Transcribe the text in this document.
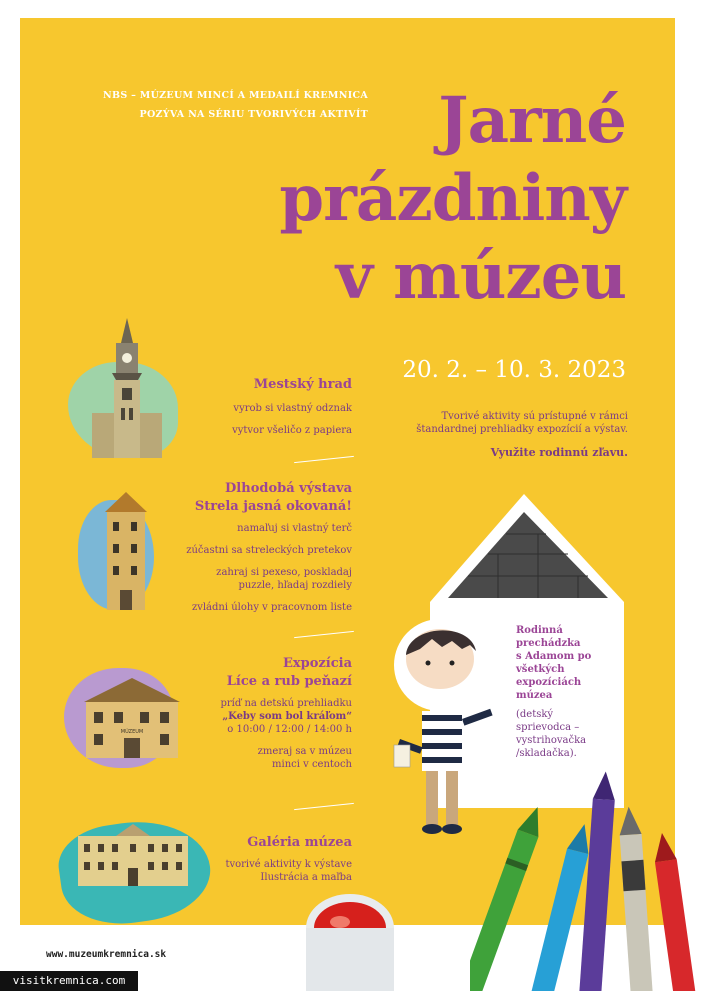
NBS – MÚZEUM MINCÍ A MEDAILÍ KREMNICA
POZÝVA NA SÉRIU TVORIVÝCH AKTIVÍT	Jarné
prázdniny
v múzeu
20. 2. – 10. 3. 2023
Tvorivé aktivity sú prístupné v rámci
štandardnej prehliadky expozícií a výstav.
Využite rodinnú zľavu.
Mestský hrad
vyrob si vlastný odznak
vytvor všeličo z papiera
Dlhodobá výstava
Strela jasná okovaná!
namaľuj si vlastný terč
zúčastni sa streleckých pretekov
zahraj si pexeso, poskladaj
puzzle, hľadaj rozdiely
zvládni úlohy v pracovnom liste
MÚZEUM
Expozícia
Líce a rub peňazí
príď na detskú prehliadku
„Keby som bol kráľom“
o 10:00 / 12:00 / 14:00 h
zmeraj sa v múzeu
minci v centoch
Galéria múzea
tvorivé aktivity k výstave
Ilustrácia a maľba
Rodinná
prechádzka
s Adamom po
všetkých
expozíciách
múzea

(detský
sprievodca –
vystrihovačka
/skladačka).
www.muzeumkremnica.sk
visitkremnica.com
